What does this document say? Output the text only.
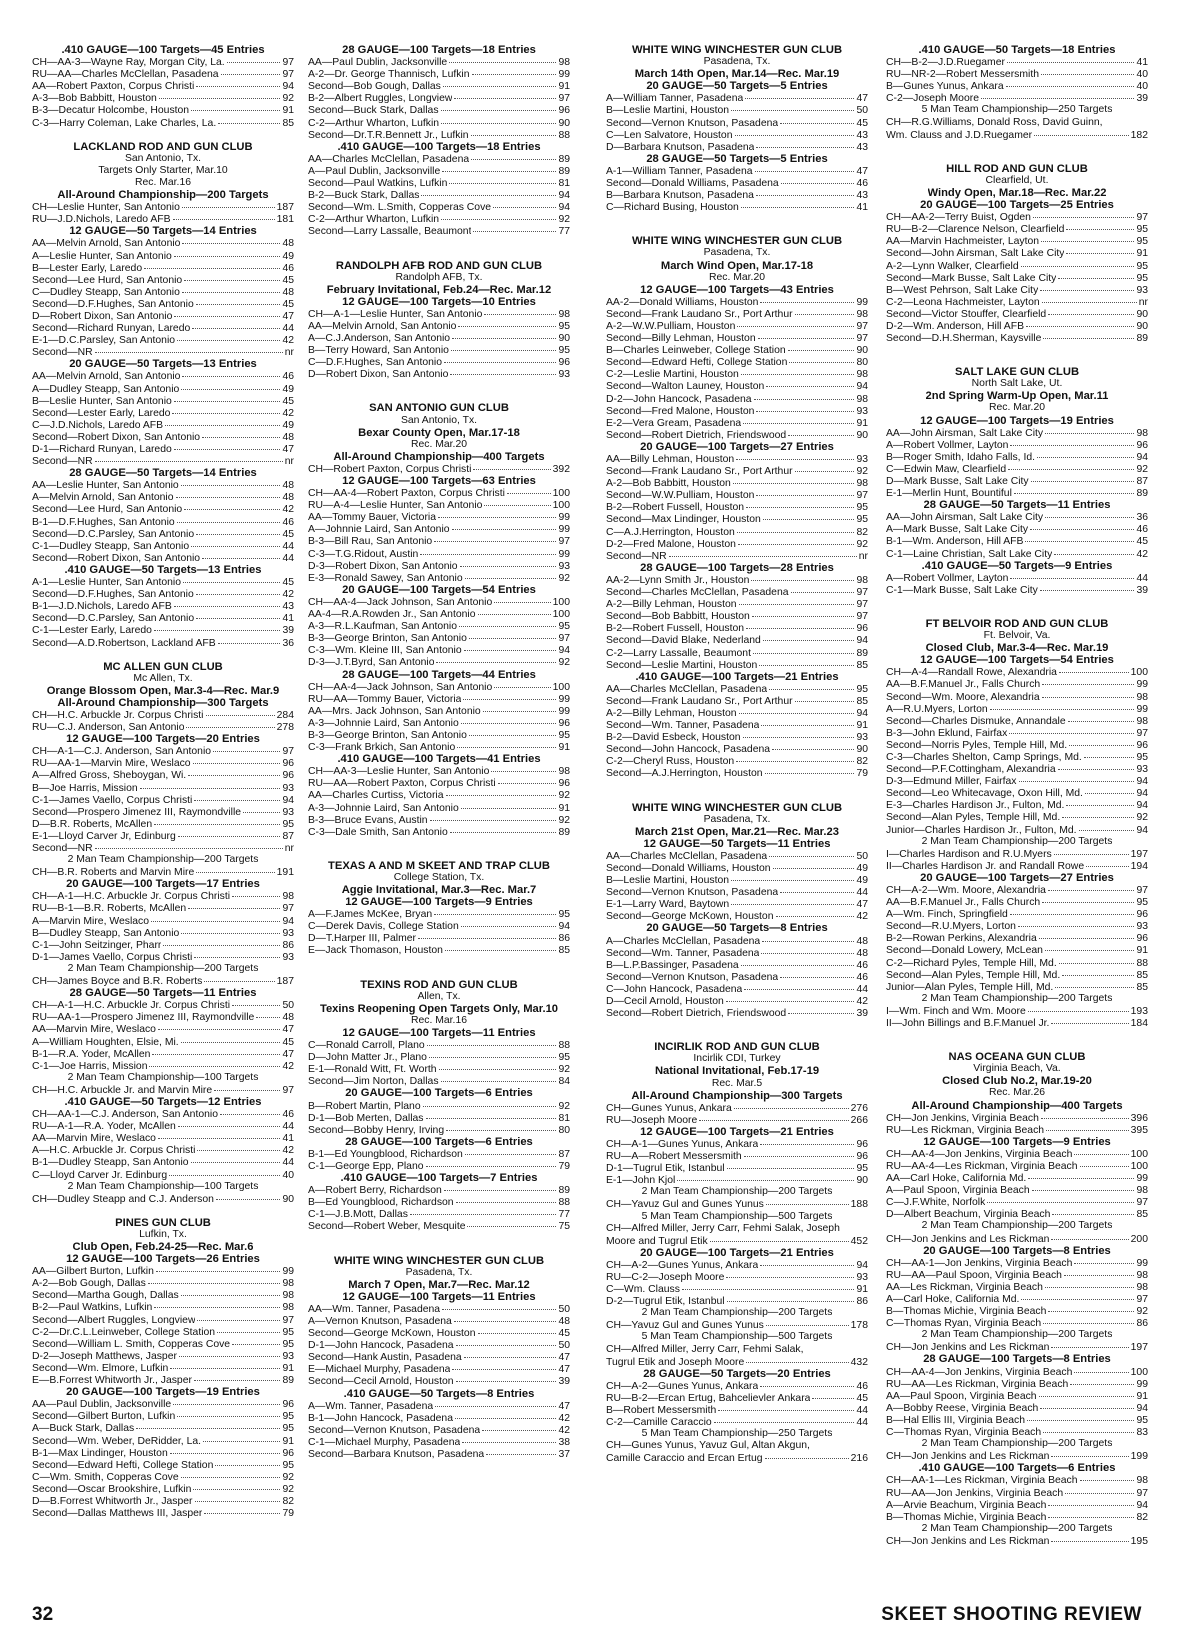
.410 GAUGE—100 Targets—45 Entries
CH—AA-3—Wayne Ray, Morgan City, La.	97
RU—AA—Charles McClellan, Pasadena	97
AA—Robert Paxton, Corpus Christi	94
A-3—Bob Babbitt, Houston	92
B-3—Decatur Holcombe, Houston	91
C-3—Harry Coleman, Lake Charles, La.	85
LACKLAND ROD AND GUN CLUB
San Antonio, Tx.
Targets Only Starter, Mar.10
Rec. Mar.16
All-Around Championship—200 Targets
CH—Leslie Hunter, San Antonio	187
RU—J.D.Nichols, Laredo AFB	181
12 GAUGE—50 Targets—14 Entries
AA—Melvin Arnold, San Antonio	48
A—Leslie Hunter, San Antonio	49
B—Lester Early, Laredo	46
Second—Lee Hurd, San Antonio	45
C—Dudley Steapp, San Antonio	48
Second—D.F.Hughes, San Antonio	45
D—Robert Dixon, San Antonio	47
Second—Richard Runyan, Laredo	44
E-1—D.C.Parsley, San Antonio	42
Second—NR	nr
20 GAUGE—50 Targets—13 Entries
AA—Melvin Arnold, San Antonio	46
A—Dudley Steapp, San Antonio	49
B—Leslie Hunter, San Antonio	45
Second—Lester Early, Laredo	42
C—J.D.Nichols, Laredo AFB	49
Second—Robert Dixon, San Antonio	48
D-1—Richard Runyan, Laredo	47
Second—NR	nr
28 GAUGE—50 Targets—14 Entries
AA—Leslie Hunter, San Antonio	48
A—Melvin Arnold, San Antonio	48
Second—Lee Hurd, San Antonio	42
B-1—D.F.Hughes, San Antonio	46
Second—D.C.Parsley, San Antonio	45
C-1—Dudley Steapp, San Antonio	44
Second—Robert Dixon, San Antonio	44
.410 GAUGE—50 Targets—13 Entries
A-1—Leslie Hunter, San Antonio	45
Second—D.F.Hughes, San Antonio	42
B-1—J.D.Nichols, Laredo AFB	43
Second—D.C.Parsley, San Antonio	41
C-1—Lester Early, Laredo	39
Second—A.D.Robertson, Lackland AFB	36
MC ALLEN GUN CLUB
Mc Allen, Tx.
Orange Blossom Open, Mar.3-4—Rec. Mar.9
All-Around Championship—300 Targets
CH—H.C. Arbuckle Jr. Corpus Christi	284
RU—C.J. Anderson, San Antonio	278
12 GAUGE—100 Targets—20 Entries
CH—A-1—C.J. Anderson, San Antonio	97
RU—AA-1—Marvin Mire, Weslaco	96
A—Alfred Gross, Sheboygan, Wi.	96
B—Joe Harris, Mission	93
C-1—James Vaello, Corpus Christi	94
Second—Prospero Jimenez III, Raymondville	93
D—B.R. Roberts, McAllen	95
E-1—Lloyd Carver Jr, Edinburg	87
Second—NR	nr
2 Man Team Championship—200 Targets
CH—B.R. Roberts and Marvin Mire	191
20 GAUGE—100 Targets—17 Entries
CH—A-1—H.C. Arbuckle Jr. Corpus Christi	98
RU—B-1—B.R. Roberts, McAllen	97
A—Marvin Mire, Weslaco	94
B—Dudley Steapp, San Antonio	93
C-1—John Seitzinger, Pharr	86
D-1—James Vaello, Corpus Christi	93
2 Man Team Championship—200 Targets
CH—James Boyce and B.R. Roberts	187
28 GAUGE—50 Targets—11 Entries
CH—A-1—H.C. Arbuckle Jr. Corpus Christi	50
RU—AA-1—Prospero Jimenez III, Raymondville	48
AA—Marvin Mire, Weslaco	47
A—William Houghten, Elsie, Mi.	45
B-1—R.A. Yoder, McAllen	47
C-1—Joe Harris, Mission	42
2 Man Team Championship—100 Targets
CH—H.C. Arbuckle Jr. and Marvin Mire	97
.410 GAUGE—50 Targets—12 Entries
CH—AA-1—C.J. Anderson, San Antonio	46
RU—A-1—R.A. Yoder, McAllen	44
AA—Marvin Mire, Weslaco	41
A—H.C. Arbuckle Jr. Corpus Christi	42
B-1—Dudley Steapp, San Antonio	44
C—Lloyd Carver Jr. Edinburg	40
2 Man Team Championship—100 Targets
CH—Dudley Steapp and C.J. Anderson	90
PINES GUN CLUB
Lufkin, Tx.
Club Open, Feb.24-25—Rec. Mar.6
12 GAUGE—100 Targets—26 Entries
AA—Gilbert Burton, Lufkin	99
A-2—Bob Gough, Dallas	98
Second—Martha Gough, Dallas	98
B-2—Paul Watkins, Lufkin	98
Second—Albert Ruggles, Longview	97
C-2—Dr.C.L.Leinweber, College Station	95
Second—William L. Smith, Copperas Cove	95
D-2—Joseph Matthews, Jasper	93
Second—Wm. Elmore, Lufkin	91
E—B.Forrest Whitworth Jr., Jasper	89
20 GAUGE—100 Targets—19 Entries
AA—Paul Dublin, Jacksonville	96
Second—Gilbert Burton, Lufkin	95
A—Buck Stark, Dallas	95
Second—Wm. Weber, DeRidder, La.	91
B-1—Max Lindinger, Houston	96
Second—Edward Hefti, College Station	95
C—Wm. Smith, Copperas Cove	92
Second—Oscar Brookshire, Lufkin	92
D—B.Forrest Whitworth Jr., Jasper	82
Second—Dallas Matthews III, Jasper	79
28 GAUGE—100 Targets—18 Entries
AA—Paul Dublin, Jacksonville	98
A-2—Dr. George Thannisch, Lufkin	99
Second—Bob Gough, Dallas	91
B-2—Albert Ruggles, Longview	97
Second—Buck Stark, Dallas	96
C-2—Arthur Wharton, Lufkin	90
Second—Dr.T.R.Bennett Jr., Lufkin	88
.410 GAUGE—100 Targets—18 Entries
AA—Charles McClellan, Pasadena	89
A—Paul Dublin, Jacksonville	89
Second—Paul Watkins, Lufkin	81
B-2—Buck Stark, Dallas	94
Second—Wm. L.Smith, Copperas Cove	94
C-2—Arthur Wharton, Lufkin	92
Second—Larry Lassalle, Beaumont	77
RANDOLPH AFB ROD AND GUN CLUB
Randolph AFB, Tx.
February Invitational, Feb.24—Rec. Mar.12
12 GAUGE—100 Targets—10 Entries
CH—A-1—Leslie Hunter, San Antonio	98
AA—Melvin Arnold, San Antonio	95
A—C.J.Anderson, San Antonio	90
B—Terry Howard, San Antonio	95
C—D.F.Hughes, San Antonio	96
D—Robert Dixon, San Antonio	93
SAN ANTONIO GUN CLUB
San Antonio, Tx.
Bexar County Open, Mar.17-18
Rec. Mar.20
All-Around Championship—400 Targets
CH—Robert Paxton, Corpus Christi	392
12 GAUGE—100 Targets—63 Entries
CH—AA-4—Robert Paxton, Corpus Christi	100
RU—A-4—Leslie Hunter, San Antonio	100
AA—Tommy Bauer, Victoria	99
A—Johnnie Laird, San Antonio	99
B-3—Bill Rau, San Antonio	97
C-3—T.G.Ridout, Austin	99
D-3—Robert Dixon, San Antonio	93
E-3—Ronald Sawey, San Antonio	92
20 GAUGE—100 Targets—54 Entries
CH—AA-4—Jack Johnson, San Antonio	100
AA-4—R.A.Rowden Jr., San Antonio	100
A-3—R.L.Kaufman, San Antonio	95
B-3—George Brinton, San Antonio	97
C-3—Wm. Kleine III, San Antonio	94
D-3—J.T.Byrd, San Antonio	92
28 GAUGE—100 Targets—44 Entries
CH—AA-4—Jack Johnson, San Antonio	100
RU—AA—Tommy Bauer, Victoria	99
AA—Mrs. Jack Johnson, San Antonio	99
A-3—Johnnie Laird, San Antonio	96
B-3—George Brinton, San Antonio	95
C-3—Frank Brkich, San Antonio	91
.410 GAUGE—100 Targets—41 Entries
CH—AA-3—Leslie Hunter, San Antonio	98
RU—AA—Robert Paxton, Corpus Christi	96
AA—Charles Curtiss, Victoria	92
A-3—Johnnie Laird, San Antonio	91
B-3—Bruce Evans, Austin	92
C-3—Dale Smith, San Antonio	89
TEXAS A AND M SKEET AND TRAP CLUB
College Station, Tx.
Aggie Invitational, Mar.3—Rec. Mar.7
12 GAUGE—100 Targets—9 Entries
A—F.James McKee, Bryan	95
C—Derek Davis, College Station	94
D—T.Harper III, Palmer	86
E—Jack Thomason, Houston	85
TEXINS ROD AND GUN CLUB
Allen, Tx.
Texins Reopening Open Targets Only, Mar.10
Rec. Mar.16
12 GAUGE—100 Targets—11 Entries
C—Ronald Carroll, Plano	88
D—John Matter Jr., Plano	95
E-1—Ronald Witt, Ft. Worth	92
Second—Jim Norton, Dallas	84
20 GAUGE—100 Targets—6 Entries
B—Robert Martin, Plano	92
D-1—Bob Merten, Dallas	81
Second—Bobby Henry, Irving	80
28 GAUGE—100 Targets—6 Entries
B-1—Ed Youngblood, Richardson	87
C-1—George Epp, Plano	79
.410 GAUGE—100 Targets—7 Entries
A—Robert Berry, Richardson	89
B—Ed Youngblood, Richardson	88
C-1—J.B.Mott, Dallas	77
Second—Robert Weber, Mesquite	75
WHITE WING WINCHESTER GUN CLUB
Pasadena, Tx.
March 7 Open, Mar.7—Rec. Mar.12
12 GAUGE—100 Targets—11 Entries
AA—Wm. Tanner, Pasadena	50
A—Vernon Knutson, Pasadena	48
Second—George McKown, Houston	45
D-1—John Hancock, Pasadena	50
Second—Hank Austin, Pasadena	47
E—Michael Murphy, Pasadena	47
Second—Cecil Arnold, Houston	39
.410 GAUGE—50 Targets—8 Entries
A—Wm. Tanner, Pasadena	47
B-1—John Hancock, Pasadena	42
Second—Vernon Knutson, Pasadena	42
C-1—Michael Murphy, Pasadena	38
Second—Barbara Knutson, Pasadena	37
WHITE WING WINCHESTER GUN CLUB
Pasadena, Tx.
March 14th Open, Mar.14—Rec. Mar.19
20 GAUGE—50 Targets—5 Entries
A—William Tanner, Pasadena	47
B—Leslie Martini, Houston	50
Second—Vernon Knutson, Pasadena	45
C—Len Salvatore, Houston	43
D—Barbara Knutson, Pasadena	43
28 GAUGE—50 Targets—5 Entries
A-1—William Tanner, Pasadena	47
Second—Donald Williams, Pasadena	46
B—Barbara Knutson, Pasadena	43
C—Richard Busing, Houston	41
WHITE WING WINCHESTER GUN CLUB
Pasadena, Tx.
March Wind Open, Mar.17-18
Rec. Mar.20
12 GAUGE—100 Targets—43 Entries
AA-2—Donald Williams, Houston	99
Second—Frank Laudano Sr., Port Arthur	98
A-2—W.W.Pulliam, Houston	97
Second—Billy Lehman, Houston	97
B—Charles Leinweber, College Station	90
Second—Edward Hefti, College Station	80
C-2—Leslie Martini, Houston	98
Second—Walton Launey, Houston	94
D-2—John Hancock, Pasadena	98
Second—Fred Malone, Houston	93
E-2—Vera Gream, Pasadena	91
Second—Robert Dietrich, Friendswood	90
20 GAUGE—100 Targets—27 Entries
AA—Billy Lehman, Houston	93
Second—Frank Laudano Sr., Port Arthur	92
A-2—Bob Babbitt, Houston	98
Second—W.W.Pulliam, Houston	97
B-2—Robert Fussell, Houston	95
Second—Max Lindinger, Houston	95
C—A.J.Herrington, Houston	82
D-2—Fred Malone, Houston	92
Second—NR	nr
28 GAUGE—100 Targets—28 Entries
AA-2—Lynn Smith Jr., Houston	98
Second—Charles McClellan, Pasadena	97
A-2—Billy Lehman, Houston	97
Second—Bob Babbitt, Houston	97
B-2—Robert Fussell, Houston	96
Second—David Blake, Nederland	94
C-2—Larry Lassalle, Beaumont	89
Second—Leslie Martini, Houston	85
.410 GAUGE—100 Targets—21 Entries
AA—Charles McClellan, Pasadena	95
Second—Frank Laudano Sr., Port Arthur	85
A-2—Billy Lehman, Houston	94
Second—Wm. Tanner, Pasadena	91
B-2—David Esbeck, Houston	93
Second—John Hancock, Pasadena	90
C-2—Cheryl Russ, Houston	82
Second—A.J.Herrington, Houston	79
WHITE WING WINCHESTER GUN CLUB
Pasadena, Tx.
March 21st Open, Mar.21—Rec. Mar.23
12 GAUGE—50 Targets—11 Entries
AA—Charles McClellan, Pasadena	50
Second—Donald Williams, Houston	49
B—Leslie Martini, Houston	49
Second—Vernon Knutson, Pasadena	44
E-1—Larry Ward, Baytown	47
Second—George McKown, Houston	42
20 GAUGE—50 Targets—8 Entries
A—Charles McClellan, Pasadena	48
Second—Wm. Tanner, Pasadena	48
B—L.P.Bassinger, Pasadena	46
Second—Vernon Knutson, Pasadena	46
C—John Hancock, Pasadena	44
D—Cecil Arnold, Houston	42
Second—Robert Dietrich, Friendswood	39
INCIRLIK ROD AND GUN CLUB
Incirlik CDI, Turkey
National Invitational, Feb.17-19
Rec. Mar.5
All-Around Championship—300 Targets
CH—Gunes Yunus, Ankara	276
RU—Joseph Moore	266
12 GAUGE—100 Targets—21 Entries
CH—A-1—Gunes Yunus, Ankara	96
RU—A—Robert Messersmith	96
D-1—Tugrul Etik, Istanbul	95
E-1—John Kjol	90
2 Man Team Championship—200 Targets
CH—Yavuz Gul and Gunes Yunus	188
5 Man Team Championship—500 Targets
CH—Alfred Miller, Jerry Carr, Fehmi Salak, Joseph
Moore and Tugrul Etik	452
20 GAUGE—100 Targets—21 Entries
CH—A-2—Gunes Yunus, Ankara	94
RU—C-2—Joseph Moore	93
C—Wm. Clauss	91
D-2—Tugrul Etik, Istanbul	86
2 Man Team Championship—200 Targets
CH—Yavuz Gul and Gunes Yunus	178
5 Man Team Championship—500 Targets
CH—Alfred Miller, Jerry Carr, Fehmi Salak,
Tugrul Etik and Joseph Moore	432
28 GAUGE—50 Targets—20 Entries
CH—A-2—Gunes Yunus, Ankara	46
RU—B-2—Ercan Ertug, Bahcelievler Ankara	45
B—Robert Messersmith	44
C-2—Camille Caraccio	44
5 Man Team Championship—250 Targets
CH—Gunes Yunus, Yavuz Gul, Altan Akgun,
Camille Caraccio and Ercan Ertug	216
.410 GAUGE—50 Targets—18 Entries
CH—B-2—J.D.Ruegamer	41
RU—NR-2—Robert Messersmith	40
B—Gunes Yunus, Ankara	40
C-2—Joseph Moore	39
5 Man Team Championship—250 Targets
CH—R.G.Williams, Donald Ross, David Guinn,
Wm. Clauss and J.D.Ruegamer	182
HILL ROD AND GUN CLUB
Clearfield, Ut.
Windy Open, Mar.18—Rec. Mar.22
20 GAUGE—100 Targets—25 Entries
CH—AA-2—Terry Buist, Ogden	97
RU—B-2—Clarence Nelson, Clearfield	95
AA—Marvin Hachmeister, Layton	95
Second—John Airsman, Salt Lake City	91
A-2—Lynn Walker, Clearfield	95
Second—Mark Busse, Salt Lake City	95
B—West Pehrson, Salt Lake City	93
C-2—Leona Hachmeister, Layton	nr
Second—Victor Stouffer, Clearfield	90
D-2—Wm. Anderson, Hill AFB	90
Second—D.H.Sherman, Kaysville	89
SALT LAKE GUN CLUB
North Salt Lake, Ut.
2nd Spring Warm-Up Open, Mar.11
Rec. Mar.20
12 GAUGE—100 Targets—19 Entries
AA—John Airsman, Salt Lake City	98
A—Robert Vollmer, Layton	96
B—Roger Smith, Idaho Falls, Id.	94
C—Edwin Maw, Clearfield	92
D—Mark Busse, Salt Lake City	87
E-1—Merlin Hunt, Bountiful	89
28 GAUGE—50 Targets—11 Entries
AA—John Airsman, Salt Lake City	36
A—Mark Busse, Salt Lake City	46
B-1—Wm. Anderson, Hill AFB	45
C-1—Laine Christian, Salt Lake City	42
.410 GAUGE—50 Targets—9 Entries
A—Robert Vollmer, Layton	44
C-1—Mark Busse, Salt Lake City	39
FT BELVOIR ROD AND GUN CLUB
Ft. Belvoir, Va.
Closed Club, Mar.3-4—Rec. Mar.19
12 GAUGE—100 Targets—54 Entries
CH—A-4—Randall Rowe, Alexandria	100
AA—B.F.Manuel Jr., Falls Church	99
Second—Wm. Moore, Alexandria	98
A—R.U.Myers, Lorton	99
Second—Charles Dismuke, Annandale	98
B-3—John Eklund, Fairfax	97
Second—Norris Pyles, Temple Hill, Md.	96
C-3—Charles Shelton, Camp Springs, Md.	95
Second—P.F.Cottingham, Alexandria	93
D-3—Edmund Miller, Fairfax	94
Second—Leo Whitecavage, Oxon Hill, Md.	94
E-3—Charles Hardison Jr., Fulton, Md.	94
Second—Alan Pyles, Temple Hill, Md.	92
Junior—Charles Hardison Jr., Fulton, Md.	94
2 Man Team Championship—200 Targets
I—Charles Hardison and R.U.Myers	197
II—Charles Hardison Jr. and Randall Rowe	194
20 GAUGE—100 Targets—27 Entries
CH—A-2—Wm. Moore, Alexandria	97
AA—B.F.Manuel Jr., Falls Church	95
A—Wm. Finch, Springfield	96
Second—R.U.Myers, Lorton	93
B-2—Rowan Perkins, Alexandria	96
Second—Donald Lowery, McLean	91
C-2—Richard Pyles, Temple Hill, Md.	88
Second—Alan Pyles, Temple Hill, Md.	85
Junior—Alan Pyles, Temple Hill, Md.	85
2 Man Team Championship—200 Targets
I—Wm. Finch and Wm. Moore	193
II—John Billings and B.F.Manuel Jr.	184
NAS OCEANA GUN CLUB
Virginia Beach, Va.
Closed Club No.2, Mar.19-20
Rec. Mar.26
All-Around Championship—400 Targets
CH—Jon Jenkins, Virginia Beach	396
RU—Les Rickman, Virginia Beach	395
12 GAUGE—100 Targets—9 Entries
CH—AA-4—Jon Jenkins, Virginia Beach	100
RU—AA-4—Les Rickman, Virginia Beach	100
AA—Carl Hoke, California Md.	99
A—Paul Spoon, Virginia Beach	98
C—J.F.White, Norfolk	97
D—Albert Beachum, Virginia Beach	85
2 Man Team Championship—200 Targets
CH—Jon Jenkins and Les Rickman	200
20 GAUGE—100 Targets—8 Entries
CH—AA-1—Jon Jenkins, Virginia Beach	99
RU—AA—Paul Spoon, Virginia Beach	98
AA—Les Rickman, Virginia Beach	98
A—Carl Hoke, California Md.	97
B—Thomas Michie, Virginia Beach	92
C—Thomas Ryan, Virginia Beach	86
2 Man Team Championship—200 Targets
CH—Jon Jenkins and Les Rickman	197
28 GAUGE—100 Targets—8 Entries
CH—AA-4—Jon Jenkins, Virginia Beach	100
RU—AA—Les Rickman, Virginia Beach	99
AA—Paul Spoon, Virginia Beach	91
A—Bobby Reese, Virginia Beach	94
B—Hal Ellis III, Virginia Beach	95
C—Thomas Ryan, Virginia Beach	83
2 Man Team Championship—200 Targets
CH—Jon Jenkins and Les Rickman	199
.410 GAUGE—100 Targets—6 Entries
CH—AA-1—Les Rickman, Virginia Beach	98
RU—AA—Jon Jenkins, Virginia Beach	97
A—Arvie Beachum, Virginia Beach	94
B—Thomas Michie, Virginia Beach	82
2 Man Team Championship—200 Targets
CH—Jon Jenkins and Les Rickman	195
32	SKEET SHOOTING REVIEW
